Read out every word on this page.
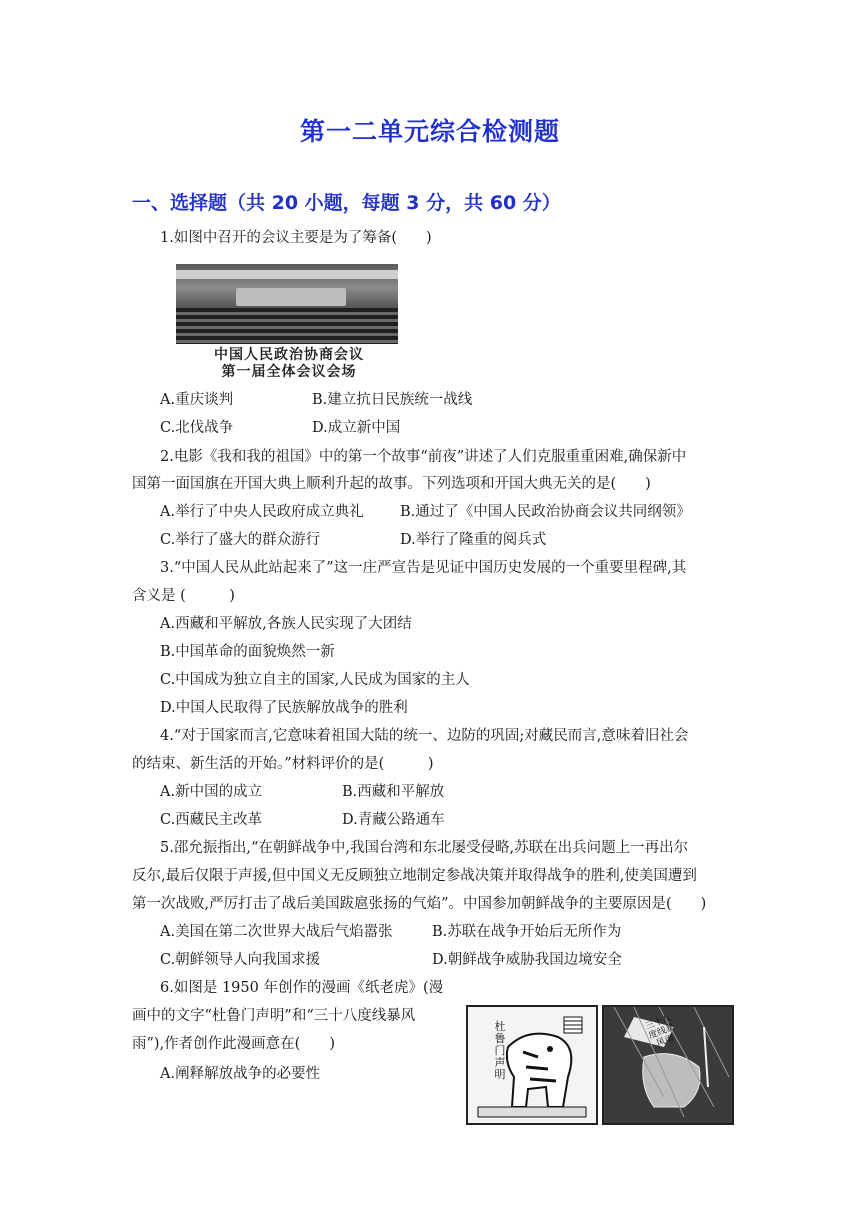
第一二单元综合检测题
一、选择题（共 20 小题，每题 3 分，共 60 分）
1.如图中召开的会议主要是为了筹备(　　)
中国人民政治协商会议
第一届全体会议会场
A.重庆谈判	B.建立抗日民族统一战线
C.北伐战争	D.成立新中国
2.电影《我和我的祖国》中的第一个故事“前夜”讲述了人们克服重重困难,确保新中
国第一面国旗在开国大典上顺利升起的故事。下列选项和开国大典无关的是(　　)
A.举行了中央人民政府成立典礼	B.通过了《中国人民政治协商会议共同纲领》
C.举行了盛大的群众游行	D.举行了隆重的阅兵式
3.“中国人民从此站起来了”这一庄严宣告是见证中国历史发展的一个重要里程碑,其
含义是 (　　　)
A.西藏和平解放,各族人民实现了大团结
B.中国革命的面貌焕然一新
C.中国成为独立自主的国家,人民成为国家的主人
D.中国人民取得了民族解放战争的胜利
4.“对于国家而言,它意味着祖国大陆的统一、边防的巩固;对藏民而言,意味着旧社会
的结束、新生活的开始。”材料评价的是(　　　)
A.新中国的成立	B.西藏和平解放
C.西藏民主改革	D.青藏公路通车
5.邵允振指出,“在朝鲜战争中,我国台湾和东北屡受侵略,苏联在出兵问题上一再出尔
反尔,最后仅限于声援,但中国义无反顾独立地制定参战决策并取得战争的胜利,使美国遭到
第一次战败,严厉打击了战后美国跋扈张扬的气焰”。中国参加朝鲜战争的主要原因是(　　)
A.美国在第二次世界大战后气焰嚣张	B.苏联在战争开始后无所作为
C.朝鲜领导人向我国求援	D.朝鲜战争威胁我国边境安全
6.如图是 1950 年创作的漫画《纸老虎》(漫
画中的文字“杜鲁门声明”和“三十八度线暴风
雨”),作者创作此漫画意在(　　)
A.阐释解放战争的必要性
杜鲁门声明
三十八度线暴风雨
